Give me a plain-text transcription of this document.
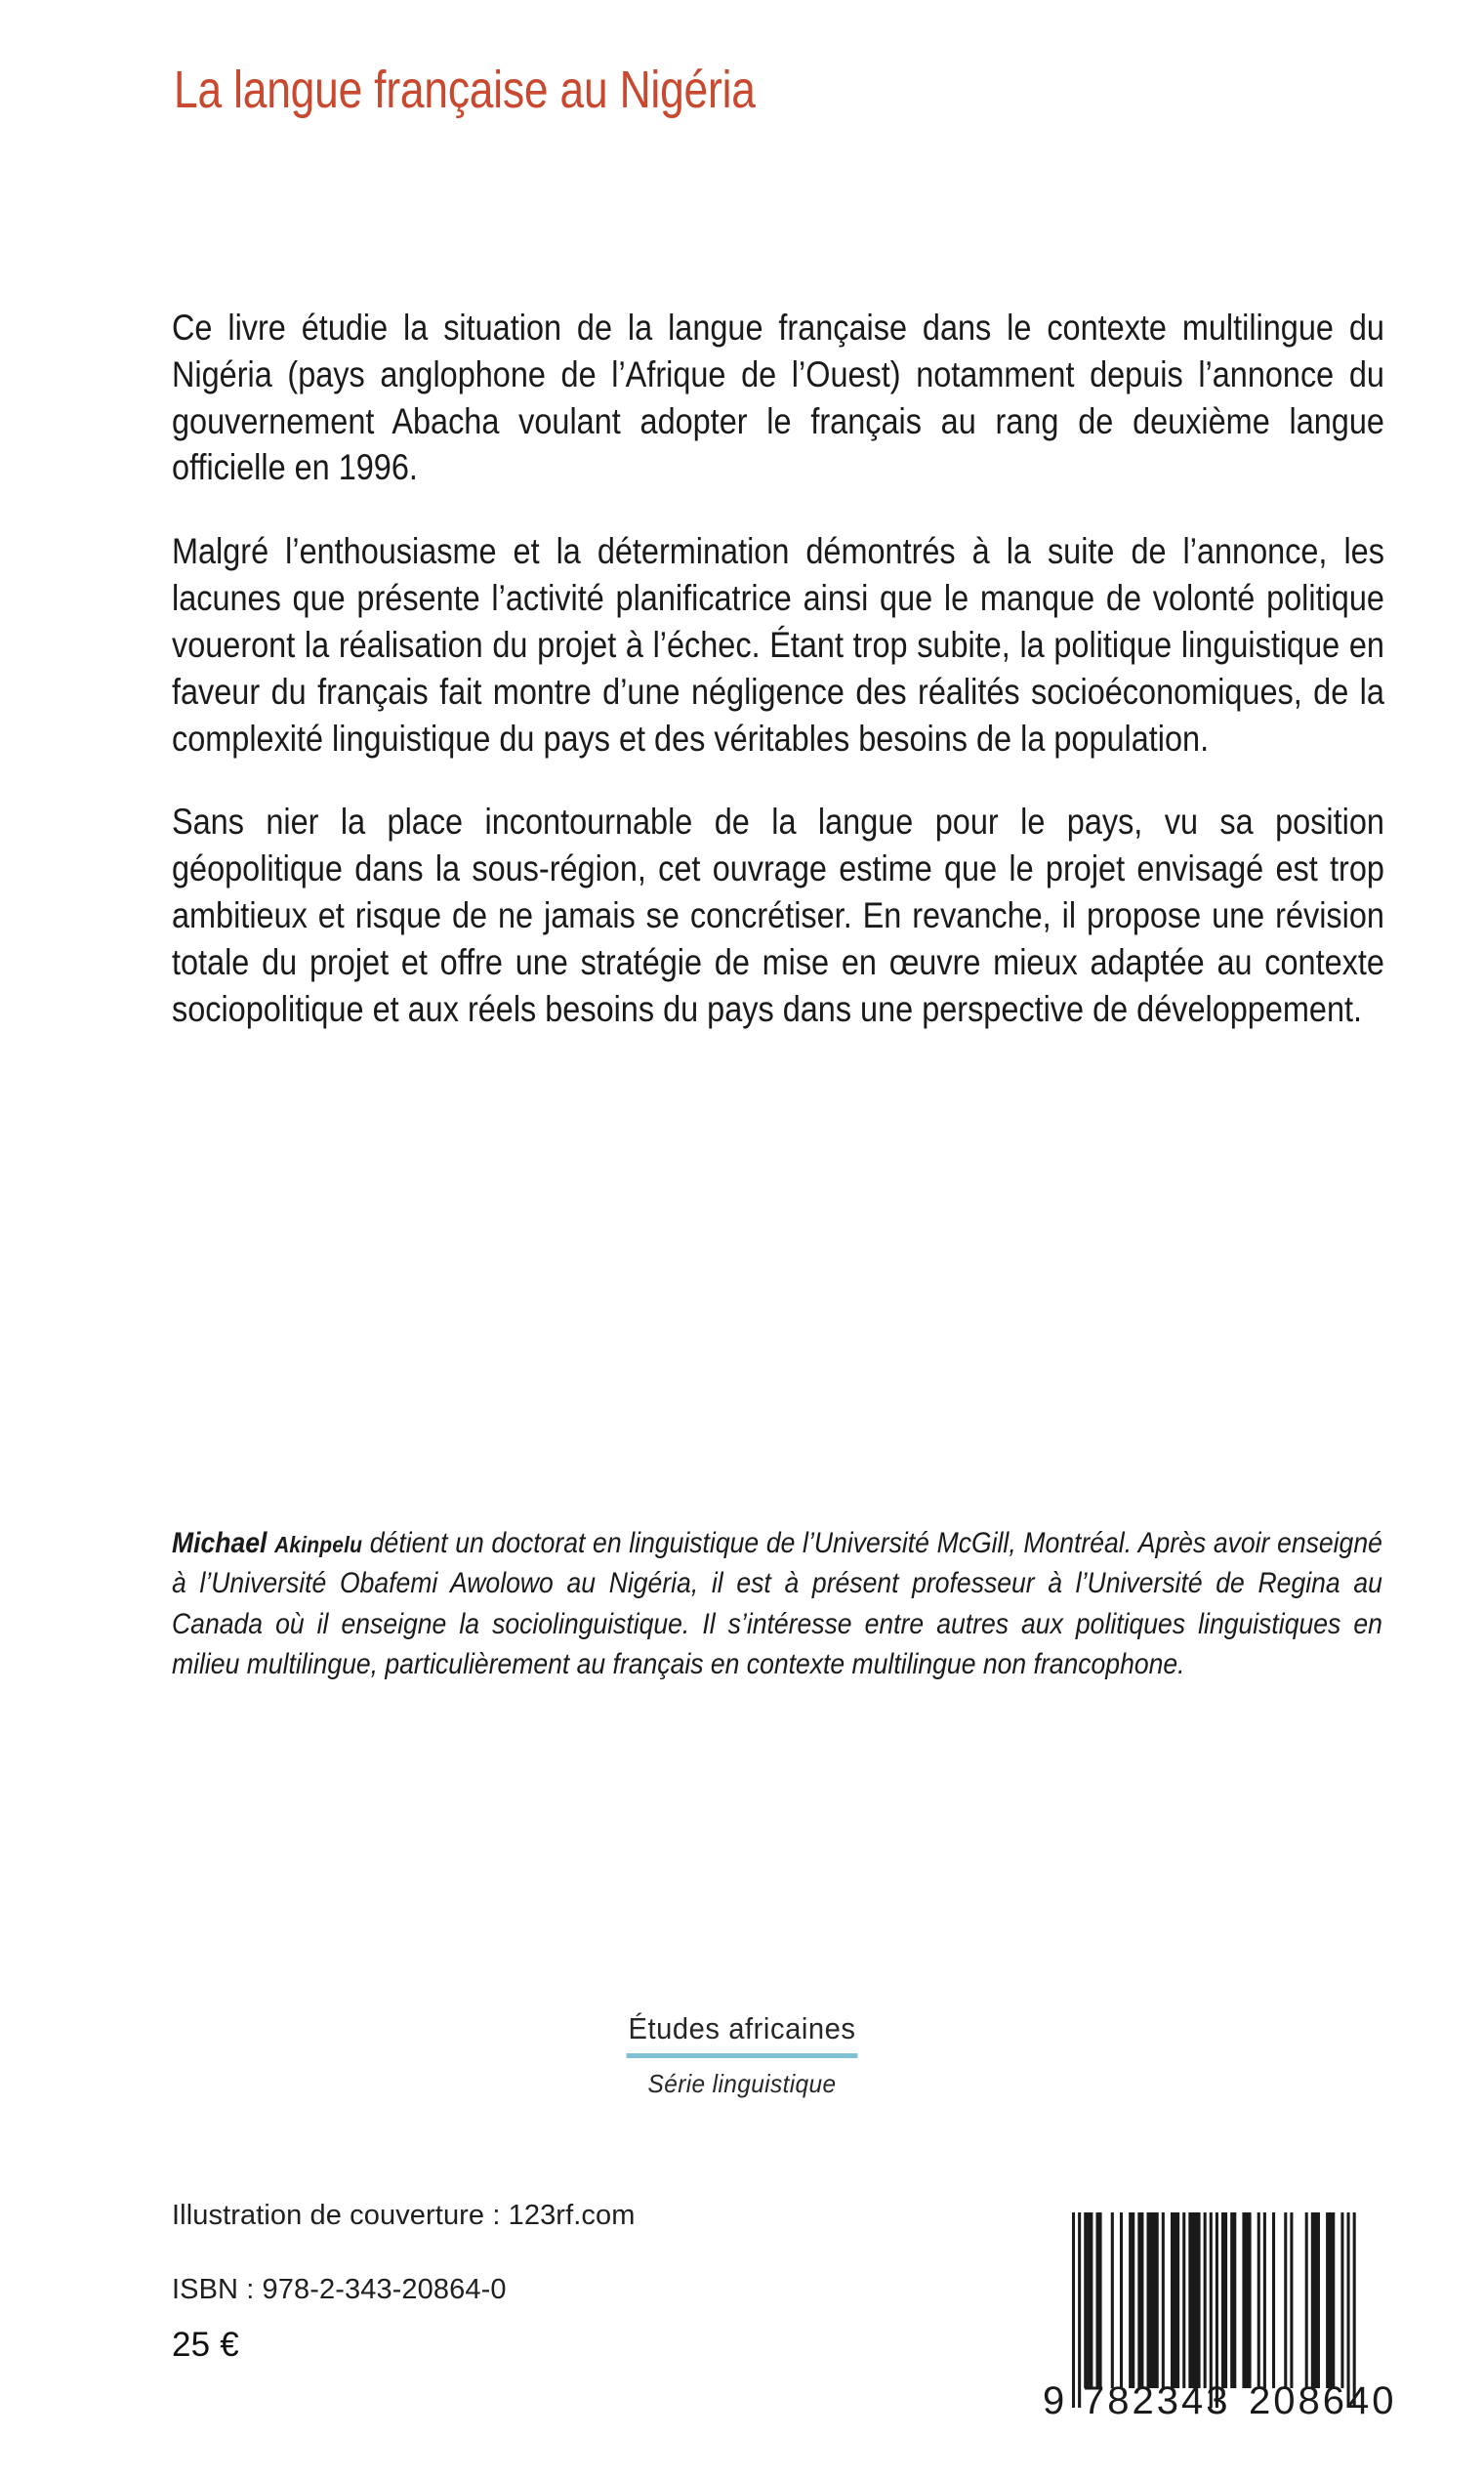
La langue française au Nigéria

Ce livre étudie la situation de la langue française dans le contexte multilingue du Nigéria (pays anglophone de l’Afrique de l’Ouest) notamment depuis l’annonce du gouvernement Abacha voulant adopter le français au rang de deuxième langue officielle en 1996.

Malgré l’enthousiasme et la détermination démontrés à la suite de l’annonce, les lacunes que présente l’activité planificatrice ainsi que le manque de volonté politique voueront la réalisation du projet à l’échec. Étant trop subite, la politique linguistique en faveur du français fait montre d’une négligence des réalités socioéconomiques, de la complexité linguistique du pays et des véritables besoins de la population.

Sans nier la place incontournable de la langue pour le pays, vu sa position géopolitique dans la sous-région, cet ouvrage estime que le projet envisagé est trop ambitieux et risque de ne jamais se concrétiser. En revanche, il propose une révision totale du projet et offre une stratégie de mise en œuvre mieux adaptée au contexte sociopolitique et aux réels besoins du pays dans une perspective de développement.

Michael Akinpelu détient un doctorat en linguistique de l’Université McGill, Montréal. Après avoir enseigné à l’Université Obafemi Awolowo au Nigéria, il est à présent professeur à l’Université de Regina au Canada où il enseigne la sociolinguistique. Il s’intéresse entre autres aux politiques linguistiques en milieu multilingue, particulièrement au français en contexte multilingue non francophone.

Études africaines
Série linguistique
Illustration de couverture : 123rf.com
ISBN : 978-2-343-20864-0
25 €
9 782343 208640
